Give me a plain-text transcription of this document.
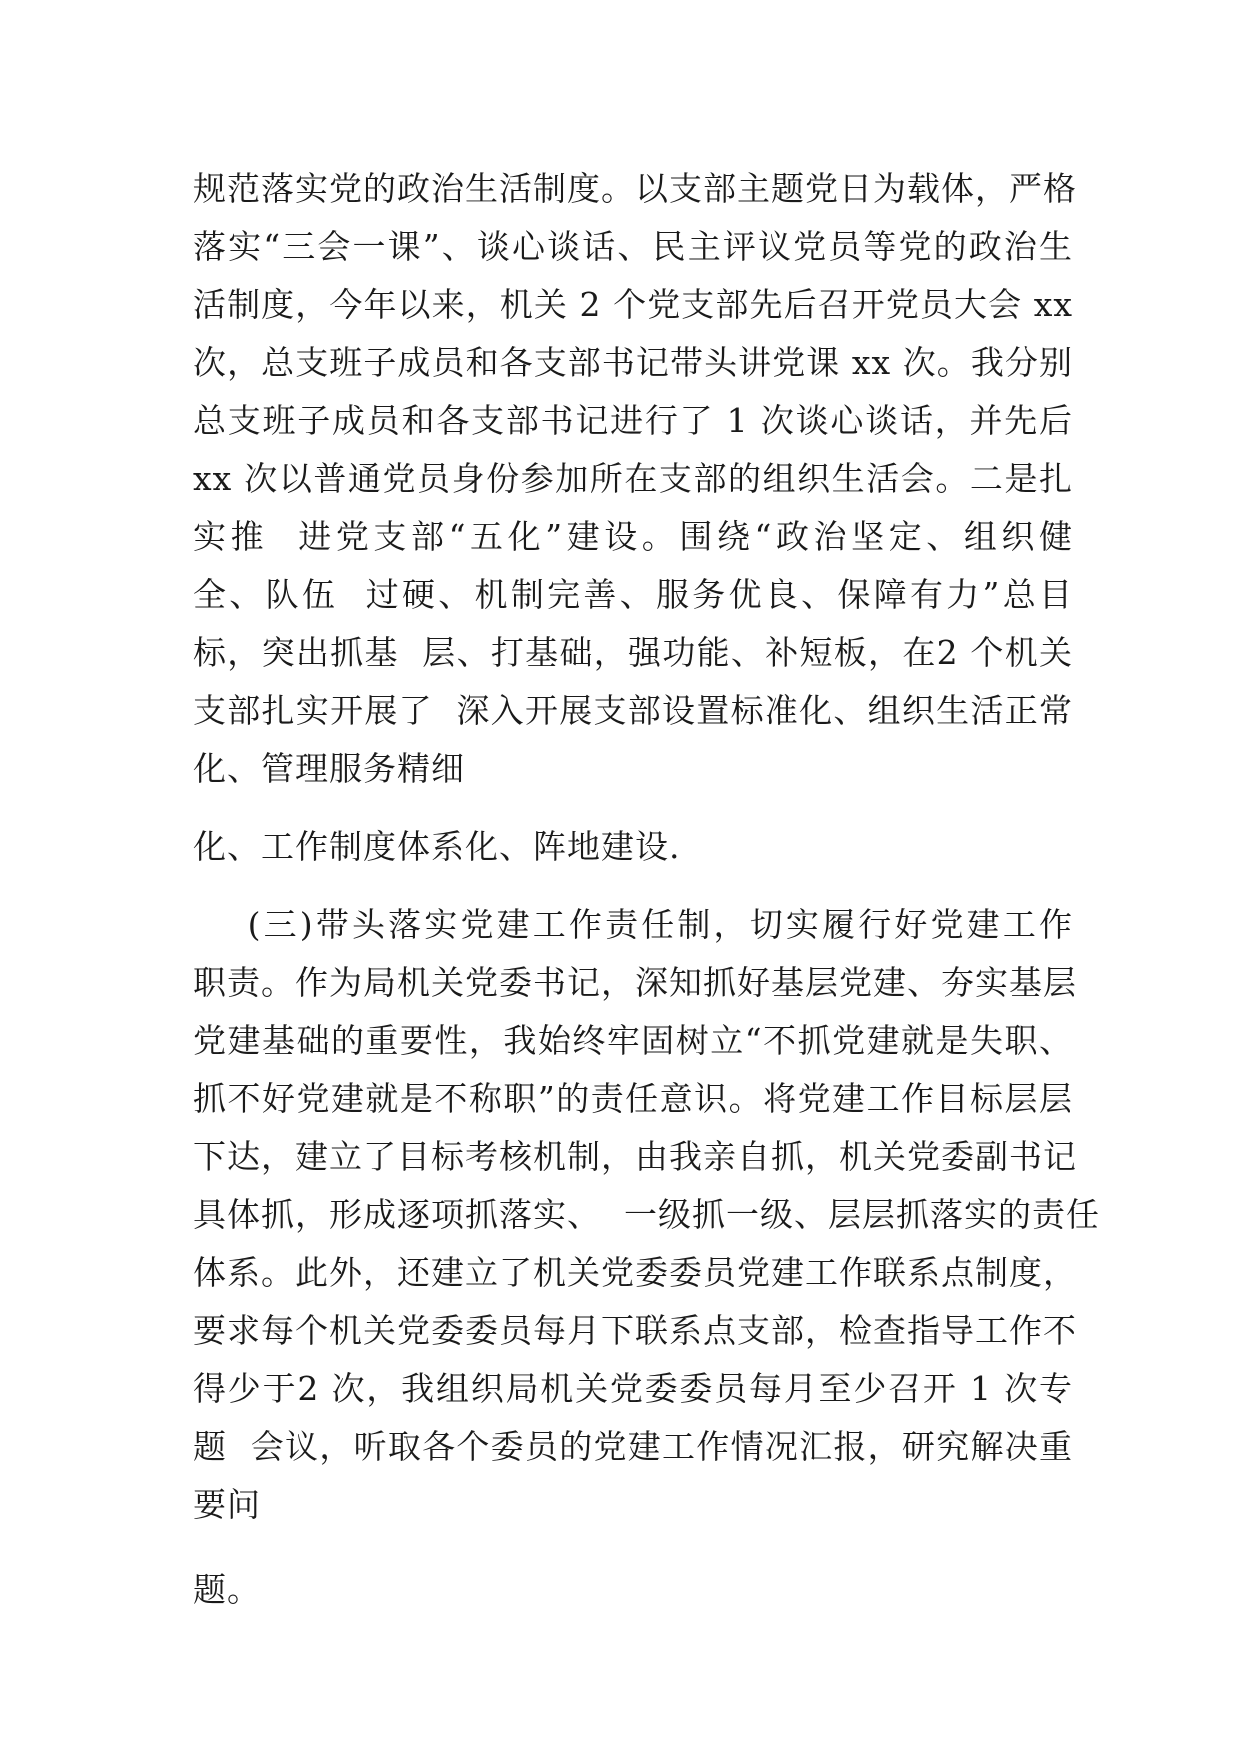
规范落实党的政治生活制度。以支部主题党日为载体，严格
落实“三会一课”、谈心谈话、民主评议党员等党的政治生
活制度，今年以来，机关 2 个党支部先后召开党员大会 xx
次，总支班子成员和各支部书记带头讲党课 xx 次。我分别
总支班子成员和各支部书记进行了 1 次谈心谈话，并先后
xx 次以普通党员身份参加所在支部的组织生活会。二是扎
实推  进党支部“五化”建设。围绕“政治坚定、组织健
全、队伍  过硬、机制完善、服务优良、保障有力”总目
标，突出抓基  层、打基础，强功能、补短板，在2 个机关
支部扎实开展了  深入开展支部设置标准化、组织生活正常
化、管理服务精细
化、工作制度体系化、阵地建设.
(三)带头落实党建工作责任制，切实履行好党建工作
职责。作为局机关党委书记，深知抓好基层党建、夯实基层
党建基础的重要性，我始终牢固树立“不抓党建就是失职、
抓不好党建就是不称职”的责任意识。将党建工作目标层层
下达，建立了目标考核机制，由我亲自抓，机关党委副书记
具体抓，形成逐项抓落实、  一级抓一级、层层抓落实的责任
体系。此外，还建立了机关党委委员党建工作联系点制度，
要求每个机关党委委员每月下联系点支部，检查指导工作不
得少于2 次，我组织局机关党委委员每月至少召开 1 次专
题  会议，听取各个委员的党建工作情况汇报，研究解决重
要问
题。
